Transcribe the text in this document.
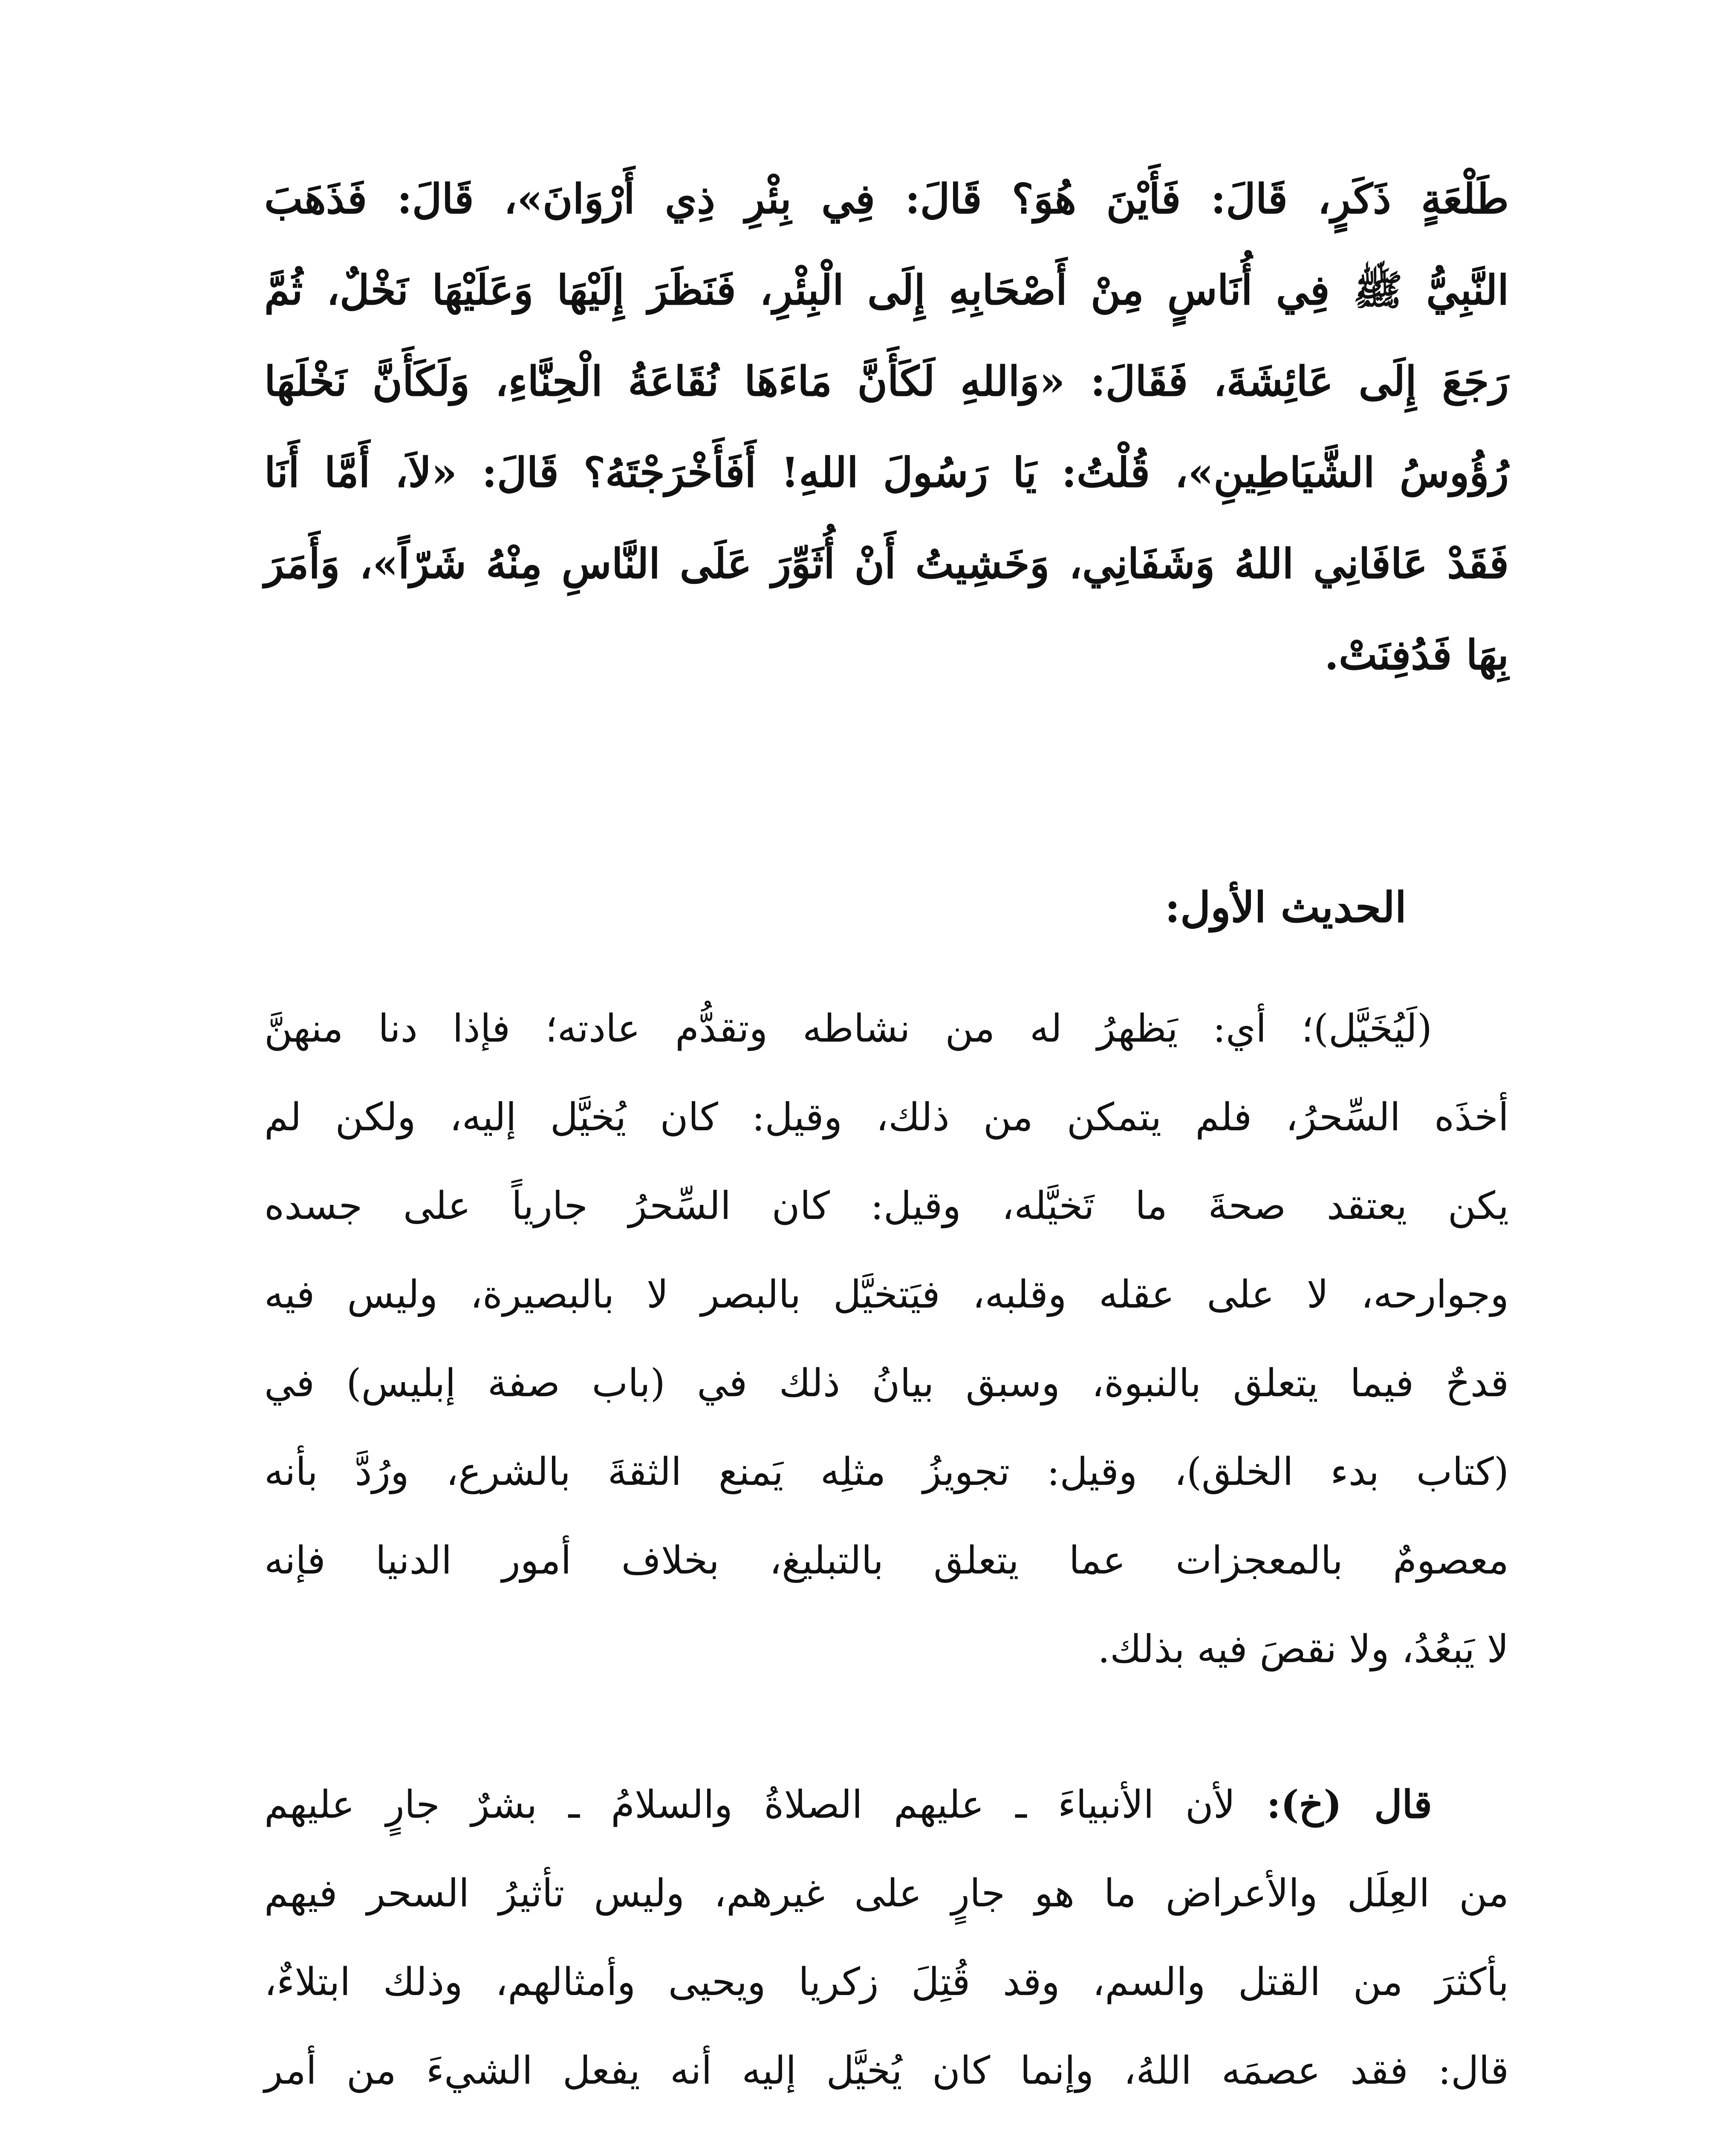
طَلْعَةٍ ذَكَرٍ، قَالَ: فَأَيْنَ هُوَ؟ قَالَ: فِي بِئْرِ ذِي أَرْوَانَ»، قَالَ: فَذَهَبَ
النَّبِيُّ ﷺ فِي أُنَاسٍ مِنْ أَصْحَابِهِ إِلَى الْبِئْرِ، فَنَظَرَ إِلَيْهَا وَعَلَيْهَا نَخْلٌ، ثُمَّ
رَجَعَ إِلَى عَائِشَةَ، فَقَالَ: «وَاللهِ لَكَأَنَّ مَاءَهَا نُقَاعَةُ الْحِنَّاءِ، وَلَكَأَنَّ نَخْلَهَا
رُؤُوسُ الشَّيَاطِينِ»، قُلْتُ: يَا رَسُولَ اللهِ! أَفَأَخْرَجْتَهُ؟ قَالَ: «لاَ، أَمَّا أَنَا
فَقَدْ عَافَانِي اللهُ وَشَفَانِي، وَخَشِيتُ أَنْ أُثَوِّرَ عَلَى النَّاسِ مِنْهُ شَرّاً»، وَأَمَرَ
بِهَا فَدُفِنَتْ.
الحديث الأول:
(لَيُخَيَّل)؛ أي: يَظهرُ له من نشاطه وتقدُّم عادته؛ فإذا دنا منهنَّ
أخذَه السِّحرُ، فلم يتمكن من ذلك، وقيل: كان يُخيَّل إليه، ولكن لم
يكن يعتقد صحةَ ما تَخيَّله، وقيل: كان السِّحرُ جارياً على جسده
وجوارحه، لا على عقله وقلبه، فيَتخيَّل بالبصر لا بالبصيرة، وليس فيه
قدحٌ فيما يتعلق بالنبوة، وسبق بيانُ ذلك في (باب صفة إبليس) في
(كتاب بدء الخلق)، وقيل: تجويزُ مثلِه يَمنع الثقةَ بالشرع، ورُدَّ بأنه
معصومٌ بالمعجزات عما يتعلق بالتبليغ، بخلاف أمور الدنيا فإنه
لا يَبعُدُ، ولا نقصَ فيه بذلك.
قال (خ): لأن الأنبياءَ ـ عليهم الصلاةُ والسلامُ ـ بشرٌ جارٍ عليهم
من العِلَل والأعراض ما هو جارٍ على غيرهم، وليس تأثيرُ السحر فيهم
بأكثرَ من القتل والسم، وقد قُتِلَ زكريا ويحيى وأمثالهم، وذلك ابتلاءٌ،
قال: فقد عصمَه اللهُ، وإنما كان يُخيَّل إليه أنه يفعل الشيءَ من أمر
